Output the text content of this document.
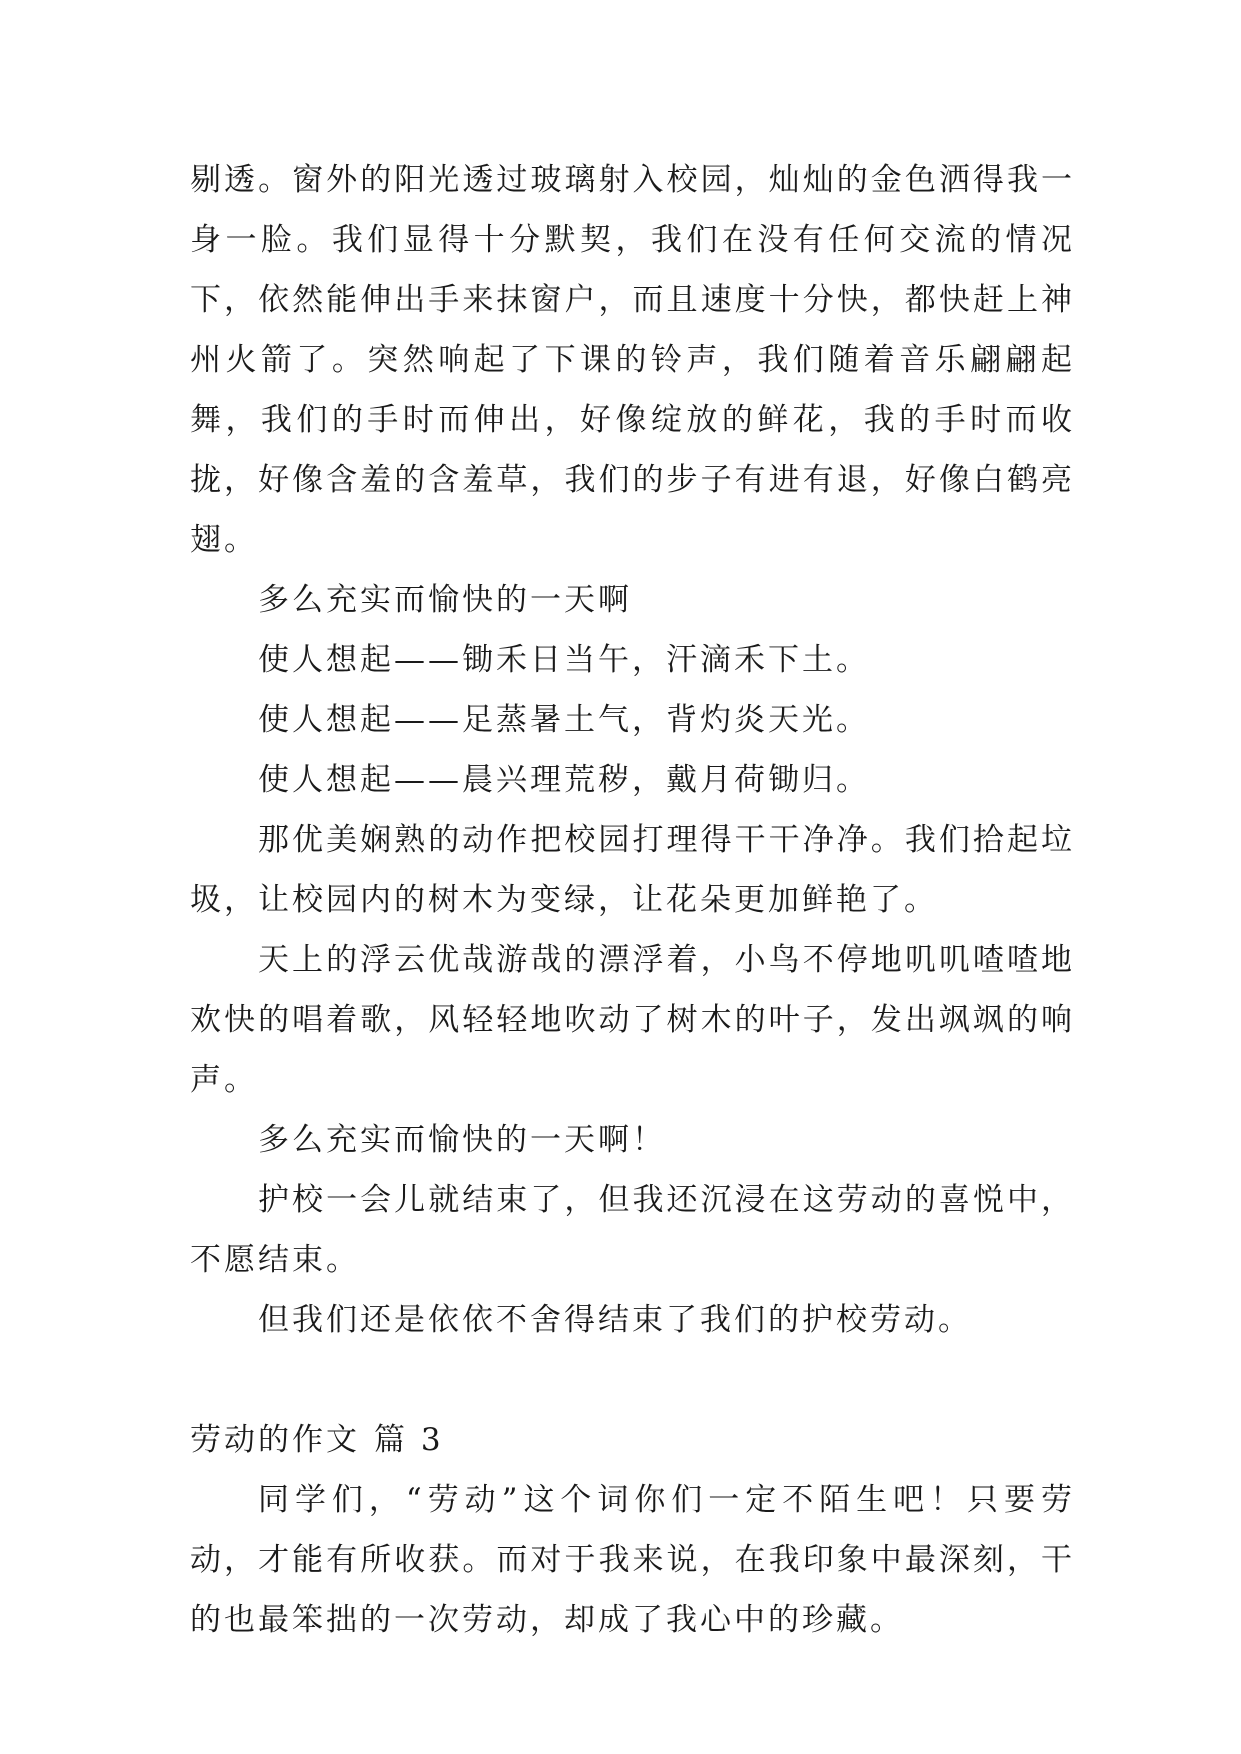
剔透。窗外的阳光透过玻璃射入校园，灿灿的金色洒得我一身一脸。我们显得十分默契，我们在没有任何交流的情况下，依然能伸出手来抹窗户，而且速度十分快，都快赶上神州火箭了。突然响起了下课的铃声，我们随着音乐翩翩起舞，我们的手时而伸出，好像绽放的鲜花，我的手时而收拢，好像含羞的含羞草，我们的步子有进有退，好像白鹤亮翅。

多么充实而愉快的一天啊

使人想起——锄禾日当午，汗滴禾下土。

使人想起——足蒸暑土气，背灼炎天光。

使人想起——晨兴理荒秽，戴月荷锄归。

那优美娴熟的动作把校园打理得干干净净。我们拾起垃圾，让校园内的树木为变绿，让花朵更加鲜艳了。

天上的浮云优哉游哉的漂浮着，小鸟不停地叽叽喳喳地欢快的唱着歌，风轻轻地吹动了树木的叶子，发出飒飒的响声。

多么充实而愉快的一天啊！

护校一会儿就结束了，但我还沉浸在这劳动的喜悦中，不愿结束。

但我们还是依依不舍得结束了我们的护校劳动。

劳动的作文 篇 3

同学们，“劳动”这个词你们一定不陌生吧！只要劳动，才能有所收获。而对于我来说，在我印象中最深刻，干的也最笨拙的一次劳动，却成了我心中的珍藏。
